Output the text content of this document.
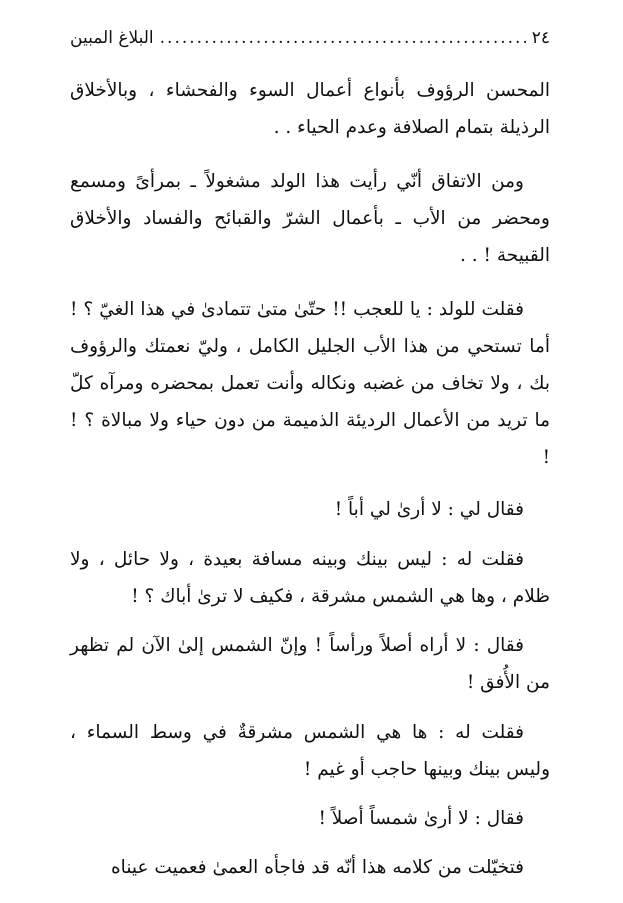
٢٤
.....
البلاغ المبين

المحسن الرؤوف بأنواع أعمال السوء والفحشاء ، وبالأخلاق الرذيلة بتمام الصلافة وعدم الحياء . .

ومن الاتفاق أنّي رأيت هذا الولد مشغولاً ـ بمرأىً ومسمع ومحضر من الأب ـ بأعمال الشرّ والقبائح والفساد والأخلاق القبيحة ! . .

فقلت للولد : يا للعجب !! حتّىٰ متىٰ تتمادىٰ في هذا الغيّ ؟ ! أما تستحي من هذا الأب الجليل الكامل ، وليّ نعمتك والرؤوف بك ، ولا تخاف من غضبه ونكاله وأنت تعمل بمحضره ومرآه كلّ ما تريد من الأعمال الرديئة الذميمة من دون حياء ولا مبالاة ؟ ! !

فقال لي : لا أرىٰ لي أباً !

فقلت له : ليس بينك وبينه مسافة بعيدة ، ولا حائل ، ولا ظلام ، وها هي الشمس مشرقة ، فكيف لا ترىٰ أباك ؟ !

فقال : لا أراه أصلاً ورأساً ! وإنّ الشمس إلىٰ الآن لم تظهر من الأُفق !

فقلت له : ها هي الشمس مشرقةٌ في وسط السماء ، وليس بينك وبينها حاجب أو غيم !

فقال : لا أرىٰ شمساً أصلاً !

فتخيّلت من كلامه هذا أنّه قد فاجأه العمىٰ فعميت عيناه
